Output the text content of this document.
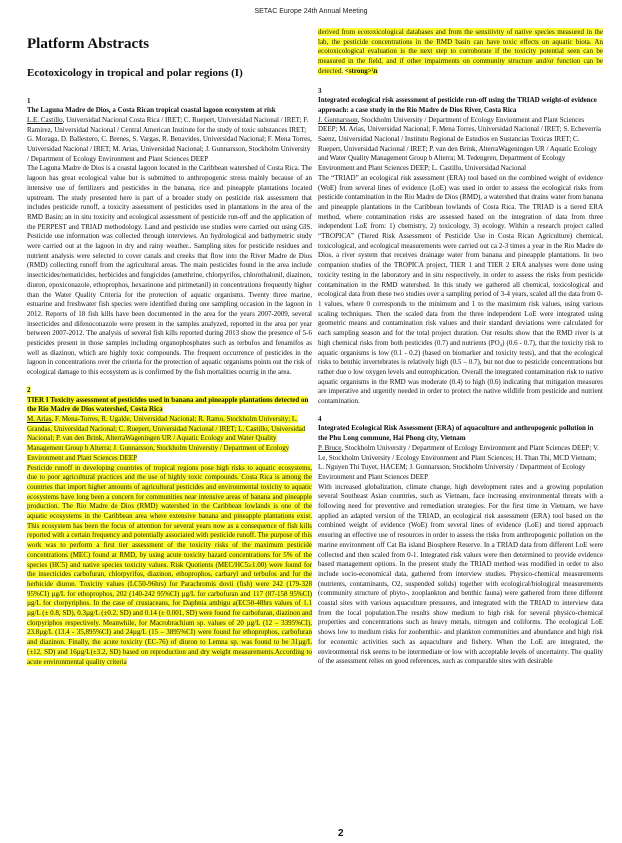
SETAC Europe 24th Annual Meeting
Platform Abstracts
Ecotoxicology in tropical and polar regions (I)

1

The Laguna Madre de Dios, a Costa Rican tropical coastal lagoon ecosystem at risk

L.E. Castillo, Universidad Nacional Costa Rica / IRET; C. Ruepert, Universidad Nacional / IRET; F. Ramirez, Universidad Nacional / Central American Institute for the study of toxic substances IRET; G. Moraga, D. Ballestero, C. Brenes, S. Vargas, R. Benavides, Universidad Nacional; F. Mena Torres, Universidad Nacional / IRET; M. Arias, Universidad Nacional; J. Gunnarsson, Stockholm University / Department of Ecology Environment and Plant Sciences DEEP

The Laguna Madre de Dios is a coastal lagoon located in the Caribbean watershed of Costa Rica. The lagoon has great ecological value but is submitted to anthropogenic stress mainly because of an intensive use of fertilizers and pesticides in the banana, rice and pineapple plantations located upstream. The study presented here is part of a broader study on pesticide risk assessment that includes pesticide runoff, a toxicity assessment of pesticides used in plantations in the area of the RMD Basin; an in situ toxicity and ecological assessment of pesticide run-off and the application of the PERPEST and TRIAD methodology. Land and pesticide use studies were carried out using GIS. Pesticide use information was collected through interviews. An hydrological and bathymetric study were carried out at the lagoon in dry and rainy weather.. Sampling sites for pesticide residues and nutrient analysis were selected to cover canals and creeks that flow into the River Madre de Dios (RMD) collecting runoff from the agricultural areas. The main pesticides found in the area include insecticides/nematicides, herbicides and fungicides (amethrine, chlorpyrifos, chlorothalonil, diazinon, diuron, epoxiconazole, ethoprophos, hexazinone and pirimetanil) in concentrations frequently higher than the Water Quality Criteria for the protection of aquatic organisms. Twenty three marine, estuarine and freshwater fish species were identified during one sampling occasion in the lagoon in 2012. Reports of 18 fish kills have been documented in the area for the years 2007-2009, several insecticides and difenoconazole were present in the samples analyzed, reported in the area per year between 2007-2012. The analysis of several fish kills reported during 2013 show the presence of 5-6 pesticides present in those samples including organophosphates such as terbufos and fenamifos as well as diazinon, which are highly toxic compounds. The frequent occurrence of pesticides in the lagoon in concentrations over the criteria for the protection of aquatic organisms points out the risk of ecological damage to this ecosystem as is confirmed by the fish mortalities ocurrig in the area.

2

TIER I Toxicity assessment of pesticides used in banana and pineapple plantations detected on the Rio Madre de Dios watershed, Costa Rica

M. Arias, F. Mena-Torres, R. Ugalde, Universidad Nacional; R. Ramo, Stockholm University; L. Grandas, Universidad Nacional; C. Ruepert, Universidad Nacional / IRET; L. Castillo, Universidad Nacional; P. van den Brink, AlterraWageningen UR / Aquatic Ecology and Water Quality Management Group b Alterra; J. Gunnarsson, Stockholm University / Department of Ecology Environment and Plant Sciences DEEP

Pesticide runoff in developing countries of tropical regions pose high risks to aquatic ecosystems, due to poor agricultural practices and the use of highly toxic compounds. Costa Rica is among the countries that import higher amounts of agricultural pesticides and environmental toxicity to aquatic ecosystems have long been a concern for communities near intensive areas of banana and pineapple production. The Rio Madre de Dios (RMD) watershed in the Caribbean lowlands is one of the aquatic ecosystems in the Caribbean area where extensive banana and pineapple plantations exist. This ecosystem has been the focus of attention for several years now as a consequence of fish kills reported with a certain frequency and potentially associated with pesticide runoff. The purpose of this work was to perform a first tier assessment of the toxicity risks of the maximum pesticide concentrations (MEC) found at RMD, by using acute toxicity hazard concentrations for 5% of the species (HC5) and native species toxicity values. Risk Quotients (MEC/HC5≥1.00) were found for the insecticides carbofuran, chlorpyrifos, diazinon, ethoprophos, carbaryl and terbufos and for the herbicide diuron. Toxicity values (LC50-96hrs) for Parachromis dovii (fish) were 242 (179-328 95%CI) µg/L for ethoprophos, 202 (140-242 95%CI) µg/L for carbofuran and 117 (87-158 95%CI) µg/L for clorpyriphos. In the case of crustaceans, for Daphnia ambigu a(EC50-48hrs values of 1.1 µg/L (± 0.8, SD), 0.3µg/L (±0.2, SD) and 0.14 (± 0.001, SD) were found for carbofuran, diazinon and clorpyriphos respectively. Meanwhile, for Macrobrachium sp. values of 20 µg/L (12 – 3395%CI), 23.8µg/L (13.4 - 35,895%CI) and 24µg/L (15 – 3895%CI) were found for ethoprophos, carbofuran and diazinon. Finally, the acute toxicity (EC-76) of diuron to Lemna sp. was found to be 31µg/L (±12, SD) and 16µg/L(±3.2, SD) based on reproduction and dry weight measurements.According to acute environmental quality criteria

derived from ecotoxicological databases and from the sensitivity of native species measured in the lab, the pesticide concentrations in the RMD basin can have toxic effects on aquatic biota. An ecotoxicological evaluation is the next step to corroborate if the toxicity potential seen can be measured in the field, and if other impairments on community structure and/or function can be detected. <strong>\n

3

Integrated ecological risk assessment of pesticide run-off using the TRIAD weight-of evidence approach: a case study in the Rio Madre de Dios River, Costa Rica

J. Gunnarsson, Stockholm University / Department of Ecology Envionment and Plant Sciences DEEP; M. Arias, Universidad Nacional; F. Mena Torres, Universidad Nacional / IRET; S. Echeverría Saenz, Universidad Nacional / Instituto Regional de Estudios en Sustancias Toxicas IRET; C. Ruepert, Universidad Nacional / IRET; P. van den Brink, AlterraWageningen UR / Aquatic Ecology and Water Quality Management Group b Alterra; M. Tedengren, Department of Ecology Environment and Plant Sciences DEEP; L. Castillo, Universidad Nacional

The “TRIAD” an ecological risk assessment (ERA) tool based on the combined weight of evidence (WoE) from several lines of evidence (LoE) was used in order to assess the ecological risks from pesticide contamination in the Rio Madre de Dios (RMD), a watershed that drains water from banana and pineapple plantations in the Caribbean lowlands of Costa Rica. The TRIAD is a tiered ERA method, where contamination risks are assessed based on the integration of data from three independent LoE from: 1) chemistry, 2) toxicology, 3) ecology. Within a research project called “TROPICA” (Tiered Risk Assessment of Pesticide Use in Costa Rican Agriculture) chemical, toxicological, and ecological measurements were carried out ca 2-3 times a year in the Rio Madre de Dios, a river system that receives drainage water from banana and pineapple plantations. In two companion studies of the TROPICA project, TIER 1 and TIER 2 ERA analyses were done using toxicity testing in the laboratory and in situ respectively, in order to assess the risks from pesticide contamination in the RMD watershed. In this study we gathered all chemical, toxicological and ecological data from these two studies over a sampling period of 3-4 years, scaled all the data from 0-1 values, where 0 corresponds to the minimum and 1 to the maximum risk values, using various scaling techniques. Then the scaled data from the three independent LoE were integrated using geometric means and contamination risk values and their standard deviations were calculated for each sampling season and for the total project duration. Our results show that the RMD river is at high chemical risks from both pesticides (0.7) and nutrients (PO₄) (0.6 - 0.7), that the toxicity risk to aquatic organisms is low (0.1 - 0.2) (based on biomarker and toxicity tests), and that the ecological risks to benthic invertebrates is relatively high (0.5 – 0.7), but not due to pesticide concentrations but rather due o low oxygen levels and eutrophication. Overall the integrated contamination risk to native aquatic organisms in the RMD was moderate (0.4) to high (0.6) indicating that mitigation measures are imperative and urgently needed in order to protect the native wildlife from pesticide and nutrient contamination.

4

Integrated Ecological Risk Assessment (ERA) of aquaculture and anthropogenic pollution in the Phu Long commune, Hai Phong city, Vietnam

P. Bruce, Stockholm University / Department of Ecology Environment and Plant Sciences DEEP; V. Le, Stockholm University / Ecology Environment and Plant Sciences; H. Than Thi, MCD Vietnam; L. Nguyen Thi Tuyet, HACEM; J. Gunnarsson, Stockholm University / Department of Ecology Environment and Plant Sciences DEEP

With increased globalization, climate change, high development rates and a growing population several Southeast Asian countries, such as Vietnam, face increasing environmental threats with a following need for preventive and remediation strategies. For the first time in Vietnam, we have applied an adapted version of the TRIAD, an ecological risk assessment (ERA) tool based on the combined weight of evidence (WoE) from several lines of evidence (LoE) and tiered approach ensuring an effective use of resources in order to assess the risks from anthropogenic pollution on the marine environment off Cat Ba island Biosphere Reserve. In a TRIAD data from different LoE were collected and then scaled from 0-1. Integrated risk values were then determined to provide evidence based management options. In the present study the TRIAD method was modified in order to also include socio-economical data, gathered from interview studies. Physico-chemical measurements (nutrients, contaminants, O2, suspended solids) together with ecological/biological measurements (community structure of phyto-, zooplankton and benthic fauna) were gathered from three different coastal sites with various aquaculture pressures, and integrated with the TRIAD to interview data from the local population.The results show medium to high risk for several physico-chemical properties and concentrations such as heavy metals, nitrogen and coliforms. The ecological LoE shows low to medium risks for zoobenthic- and plankton communities and abundance and high risk for economic activities such as aquaculture and fishery. When the LoE are integrated, the environmental risk seems to be intermediate or low with acceptable levels of uncertainty. The quality of the assessment relies on good references, such as comparable sites with desirable

2
